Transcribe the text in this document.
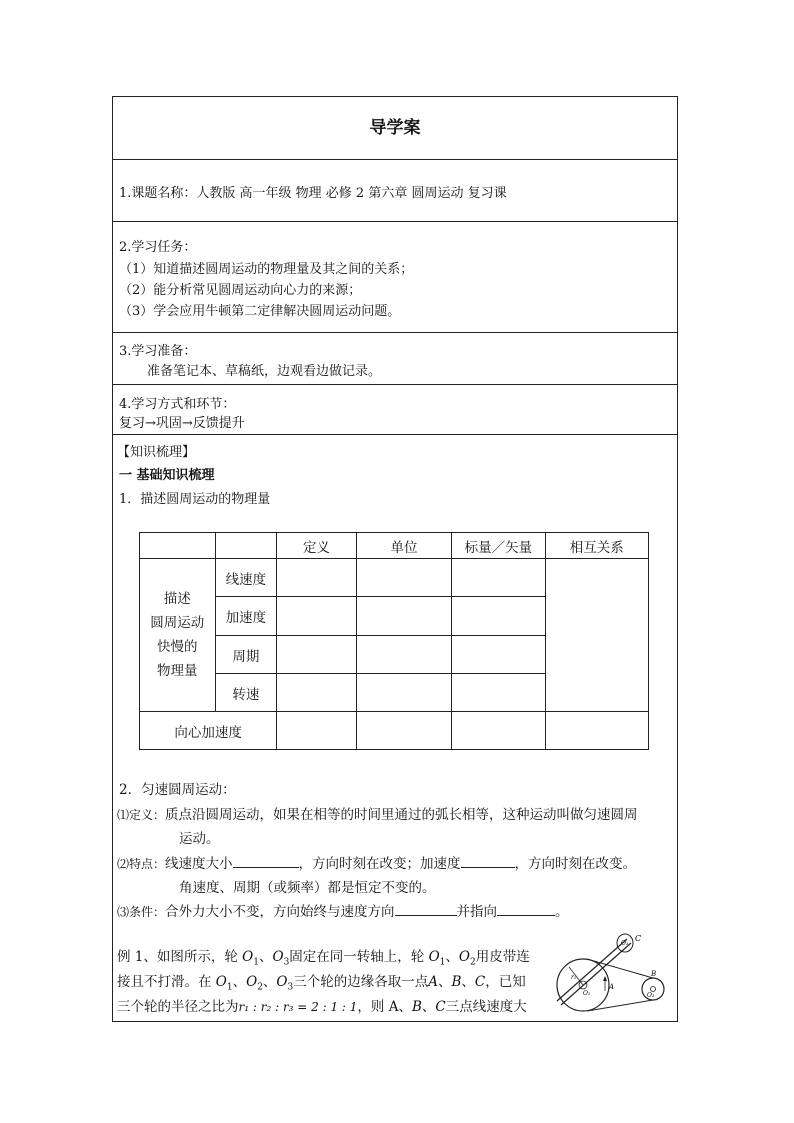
导学案
1.课题名称：人教版 高一年级 物理 必修 2 第六章 圆周运动 复习课
2.学习任务：
（1）知道描述圆周运动的物理量及其之间的关系；
（2）能分析常见圆周运动向心力的来源；
（3）学会应用牛顿第二定律解决圆周运动问题。
3.学习准备：
准备笔记本、草稿纸，边观看边做记录。
4.学习方式和环节：
复习→巩固→反馈提升
【知识梳理】
一 基础知识梳理
1．描述圆周运动的物理量
		定义	单位	标量／矢量	相互关系

描述
圆周运动
快慢的
物理量	线速度				
	加速度				
	周期				
	转速				
向心加速度					
2．匀速圆周运动：
⑴定义：质点沿圆周运动，如果在相等的时间里通过的弧长相等，这种运动叫做匀速圆周
运动。
⑵特点：线速度大小	，方向时刻在改变；加速度	，方向时刻在改变。
角速度、周期（或频率）都是恒定不变的。
⑶条件：合外力大小不变，方向始终与速度方向	并指向	。
例 1、如图所示，轮 $O_1$、$O_3$固定在同一转轴上，轮 $O_1$、$O_2$用皮带连
接且不打滑。在 $O_1$、$O_2$、$O_3$三个轮的边缘各取一点A、B、C，已知
三个轮的半径之比为r₁ : r₂ : r₃ = 2 : 1 : 1，则 A、B、C三点线速度大
C
A
B
O₁	O₂
O₃
r₁
